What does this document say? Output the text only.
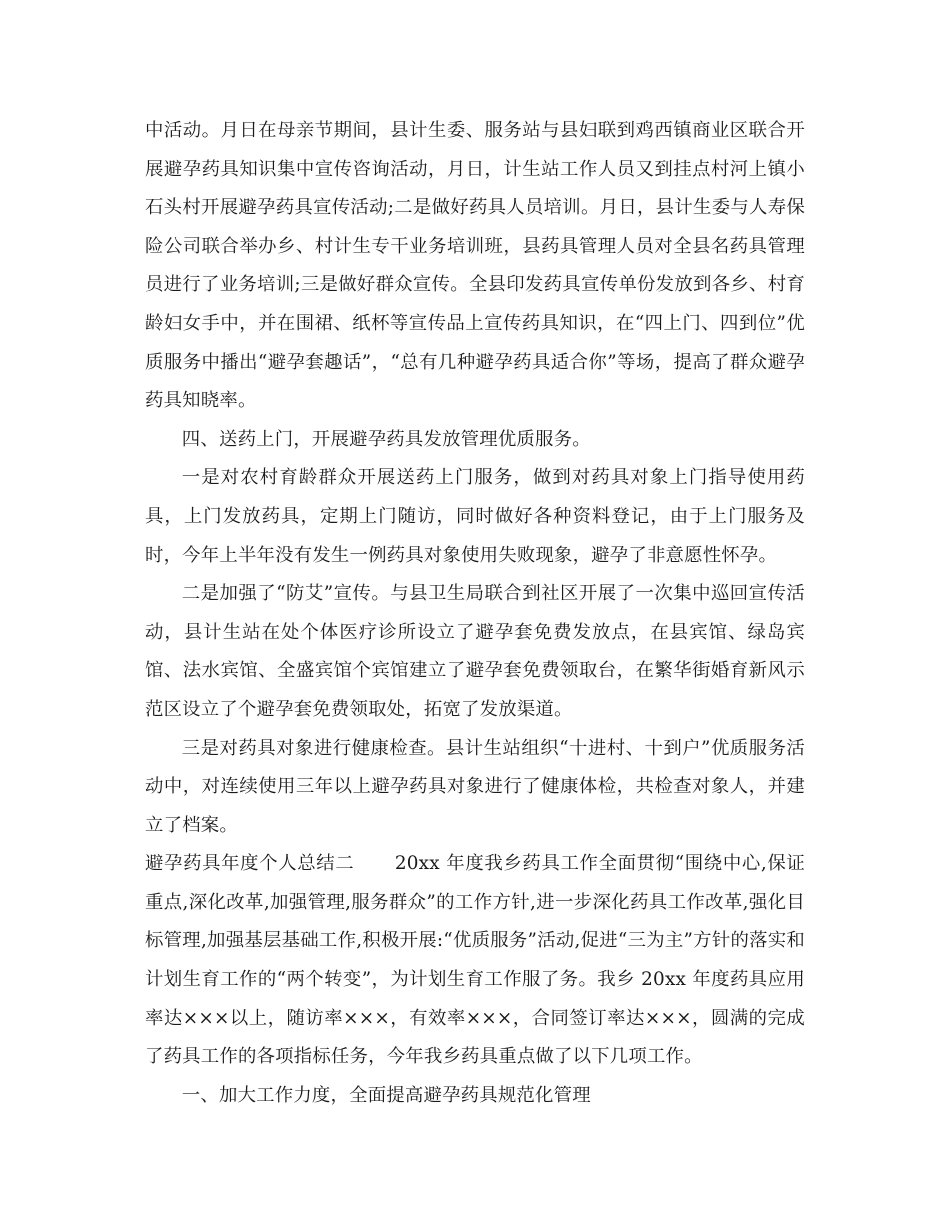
中活动。月日在母亲节期间，县计生委、服务站与县妇联到鸡西镇商业区联合开展避孕药具知识集中宣传咨询活动，月日，计生站工作人员又到挂点村河上镇小石头村开展避孕药具宣传活动;二是做好药具人员培训。月日，县计生委与人寿保险公司联合举办乡、村计生专干业务培训班，县药具管理人员对全县名药具管理员进行了业务培训;三是做好群众宣传。全县印发药具宣传单份发放到各乡、村育龄妇女手中，并在围裙、纸杯等宣传品上宣传药具知识，在“四上门、四到位”优质服务中播出“避孕套趣话”，“总有几种避孕药具适合你”等场，提高了群众避孕药具知晓率。

四、送药上门，开展避孕药具发放管理优质服务。

一是对农村育龄群众开展送药上门服务，做到对药具对象上门指导使用药具，上门发放药具，定期上门随访，同时做好各种资料登记，由于上门服务及时，今年上半年没有发生一例药具对象使用失败现象，避孕了非意愿性怀孕。

二是加强了“防艾”宣传。与县卫生局联合到社区开展了一次集中巡回宣传活动，县计生站在处个体医疗诊所设立了避孕套免费发放点，在县宾馆、绿岛宾馆、法水宾馆、全盛宾馆个宾馆建立了避孕套免费领取台，在繁华街婚育新风示范区设立了个避孕套免费领取处，拓宽了发放渠道。

三是对药具对象进行健康检查。县计生站组织“十进村、十到户”优质服务活动中，对连续使用三年以上避孕药具对象进行了健康体检，共检查对象人，并建立了档案。

避孕药具年度个人总结二 20xx 年度我乡药具工作全面贯彻“围绕中心,保证重点,深化改革,加强管理,服务群众”的工作方针,进一步深化药具工作改革,强化目标管理,加强基层基础工作,积极开展:“优质服务”活动,促进“三为主”方针的落实和计划生育工作的“两个转变”，为计划生育工作服了务。我乡 20xx 年度药具应用率达×××以上，随访率×××，有效率×××，合同签订率达×××，圆满的完成了药具工作的各项指标任务，今年我乡药具重点做了以下几项工作。

一、加大工作力度，全面提高避孕药具规范化管理
